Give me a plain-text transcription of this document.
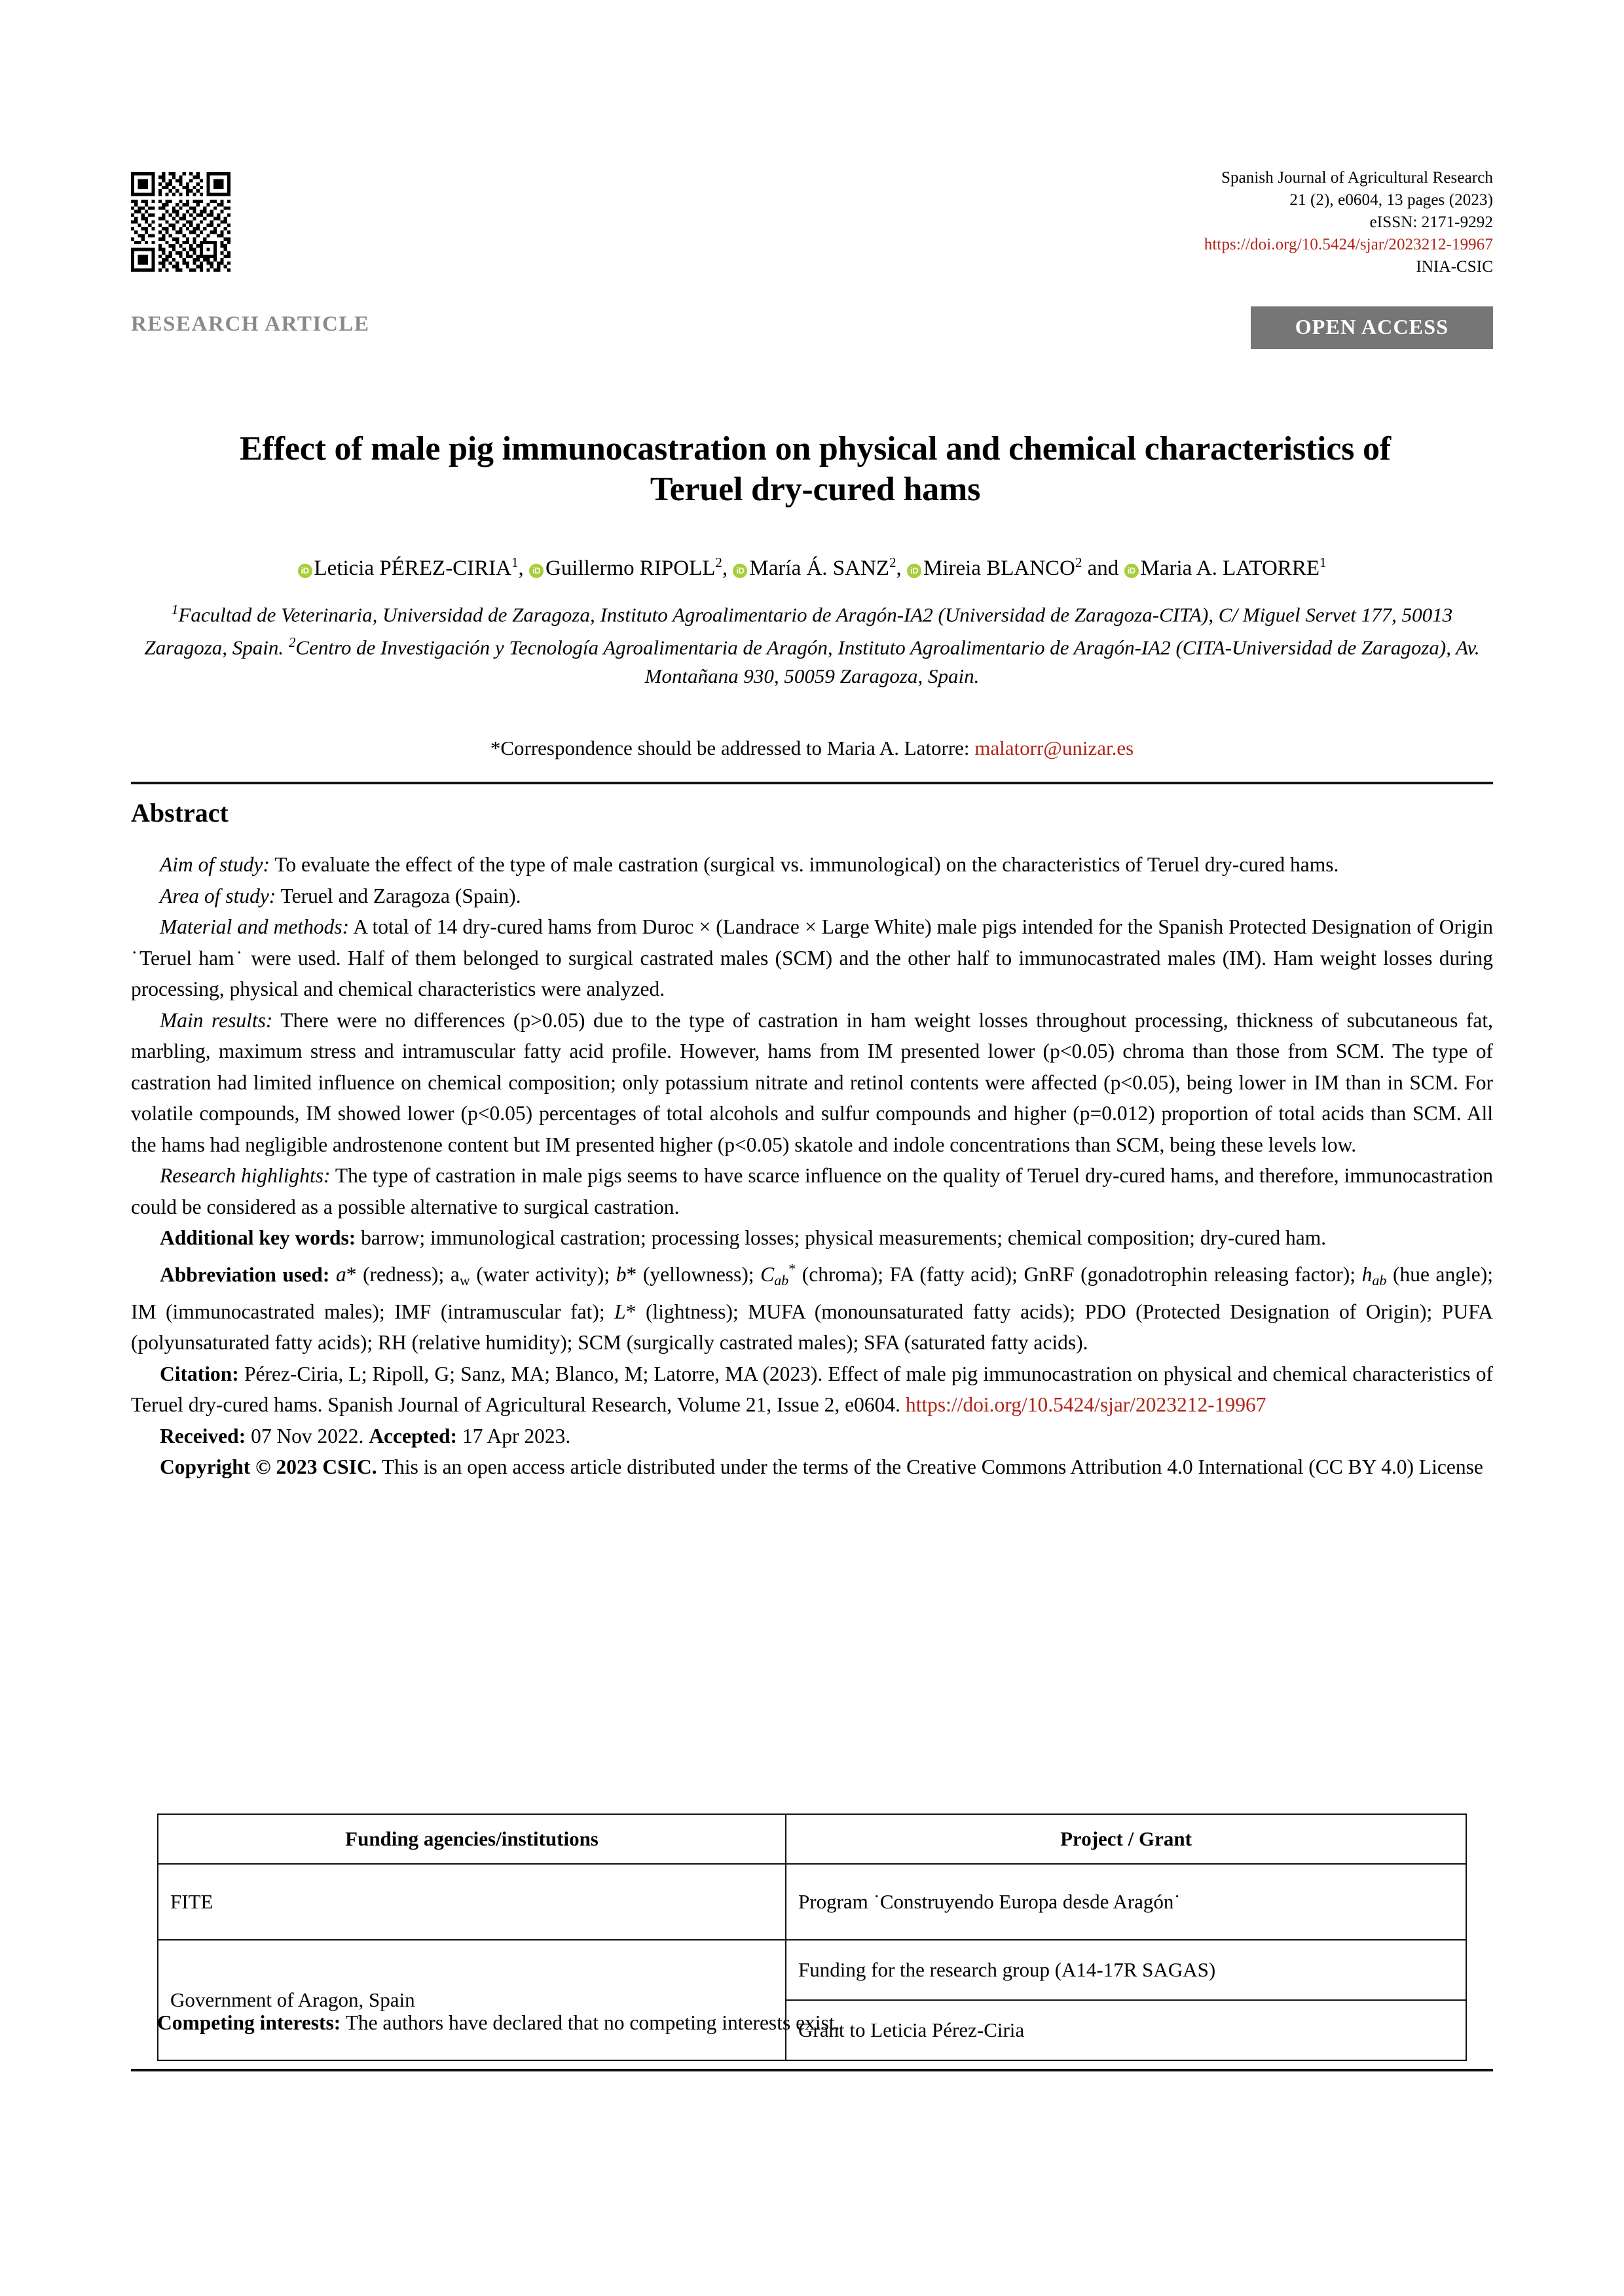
Spanish Journal of Agricultural Research
21 (2), e0604, 13 pages (2023)
eISSN: 2171-9292
https://doi.org/10.5424/sjar/2023212-19967
INIA-CSIC
RESEARCH ARTICLE	OPEN ACCESS
Effect of male pig immunocastration on physical and chemical characteristics of Teruel dry-cured hams
iD Leticia PÉREZ-CIRIA$^1$, iD Guillermo RIPOLL$^2$, iD María Á. SANZ$^2$, iD Mireia BLANCO$^2$ and iD Maria A. LATORRE$^1$
$^1$Facultad de Veterinaria, Universidad de Zaragoza, Instituto Agroalimentario de Aragón-IA2 (Universidad de Zaragoza-CITA), C/ Miguel Servet 177, 50013 Zaragoza, Spain. $^2$Centro de Investigación y Tecnología Agroalimentaria de Aragón, Instituto Agroalimentario de Aragón-IA2 (CITA-Universidad de Zaragoza), Av. Montañana 930, 50059 Zaragoza, Spain.
*Correspondence should be addressed to Maria A. Latorre: malatorr@unizar.es
Abstract

Aim of study: To evaluate the effect of the type of male castration (surgical vs. immunological) on the characteristics of Teruel dry-cured hams.

Area of study: Teruel and Zaragoza (Spain).

Material and methods: A total of 14 dry-cured hams from Duroc × (Landrace × Large White) male pigs intended for the Spanish Protected Designation of Origin ˙Teruel ham˙ were used. Half of them belonged to surgical castrated males (SCM) and the other half to immunocastrated males (IM). Ham weight losses during processing, physical and chemical characteristics were analyzed.

Main results: There were no differences (p>0.05) due to the type of castration in ham weight losses throughout processing, thickness of subcutaneous fat, marbling, maximum stress and intramuscular fatty acid profile. However, hams from IM presented lower (p<0.05) chroma than those from SCM. The type of castration had limited influence on chemical composition; only potassium nitrate and retinol contents were affected (p<0.05), being lower in IM than in SCM. For volatile compounds, IM showed lower (p<0.05) percentages of total alcohols and sulfur compounds and higher (p=0.012) proportion of total acids than SCM. All the hams had negligible androstenone content but IM presented higher (p<0.05) skatole and indole concentrations than SCM, being these levels low.

Research highlights: The type of castration in male pigs seems to have scarce influence on the quality of Teruel dry-cured hams, and therefore, immunocastration could be considered as a possible alternative to surgical castration.

Additional key words: barrow; immunological castration; processing losses; physical measurements; chemical composition; dry-cured ham.

Abbreviation used: a* (redness); $a_w$ (water activity); b* (yellowness); $C_{ab}^*$ (chroma); FA (fatty acid); GnRF (gonadotrophin releasing factor); $h_{ab}$ (hue angle); IM (immunocastrated males); IMF (intramuscular fat); L* (lightness); MUFA (monounsaturated fatty acids); PDO (Protected Designation of Origin); PUFA (polyunsaturated fatty acids); RH (relative humidity); SCM (surgically castrated males); SFA (saturated fatty acids).

Citation: Pérez-Ciria, L; Ripoll, G; Sanz, MA; Blanco, M; Latorre, MA (2023). Effect of male pig immunocastration on physical and chemical characteristics of Teruel dry-cured hams. Spanish Journal of Agricultural Research, Volume 21, Issue 2, e0604. https://doi.org/10.5424/sjar/2023212-19967

Received: 07 Nov 2022. Accepted: 17 Apr 2023.

Copyright © 2023 CSIC. This is an open access article distributed under the terms of the Creative Commons Attribution 4.0 International (CC BY 4.0) License

Funding agencies/institutions	Project / Grant
FITE	Program ˙Construyendo Europa desde Aragón˙
Government of Aragon, Spain	Funding for the research group (A14-17R SAGAS)
	Grant to Leticia Pérez-Ciria
Competing interests: The authors have declared that no competing interests exist.
